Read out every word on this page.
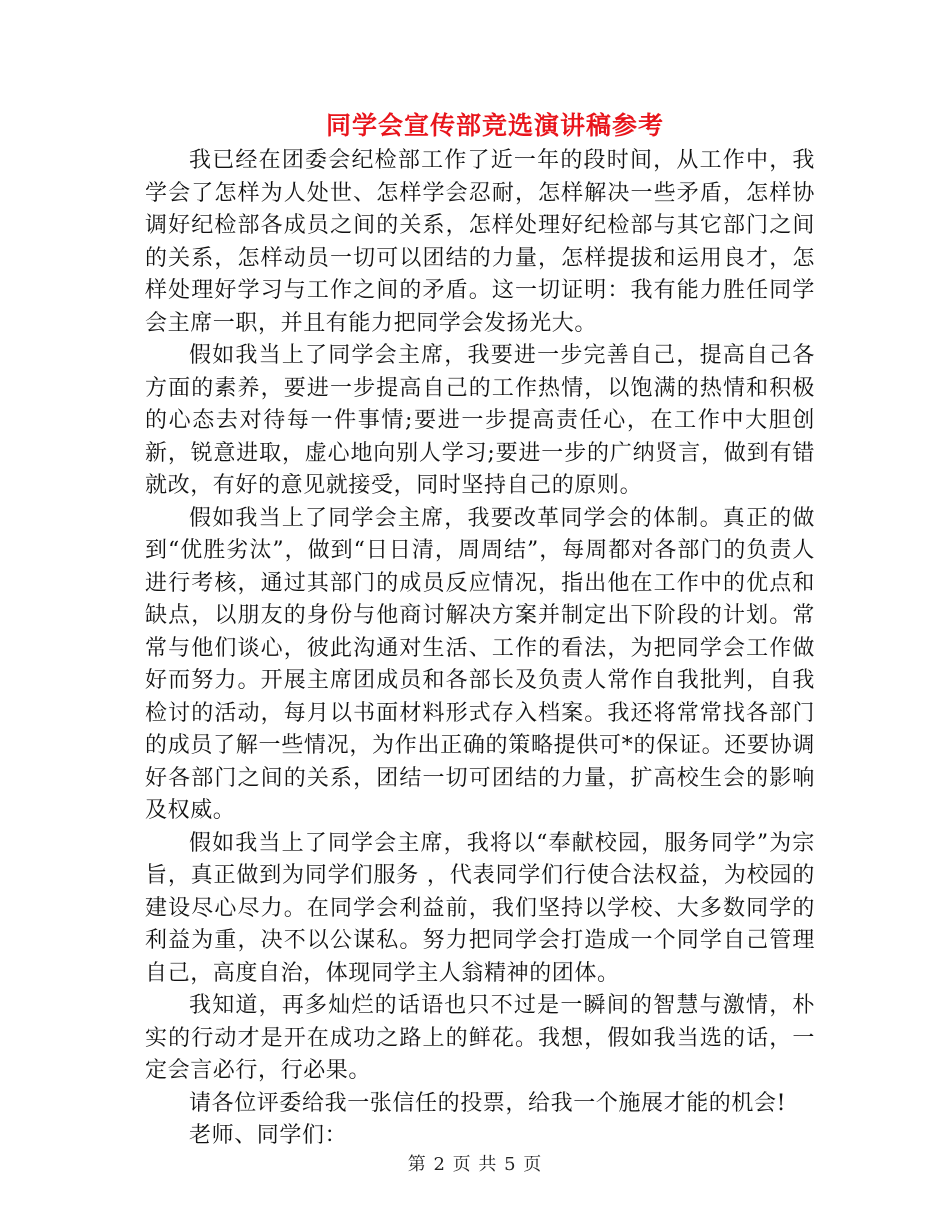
同学会宣传部竞选演讲稿参考

我已经在团委会纪检部工作了近一年的段时间，从工作中，我学会了怎样为人处世、怎样学会忍耐，怎样解决一些矛盾，怎样协调好纪检部各成员之间的关系，怎样处理好纪检部与其它部门之间的关系，怎样动员一切可以团结的力量，怎样提拔和运用良才，怎样处理好学习与工作之间的矛盾。这一切证明：我有能力胜任同学会主席一职，并且有能力把同学会发扬光大。

假如我当上了同学会主席，我要进一步完善自己，提高自己各方面的素养，要进一步提高自己的工作热情，以饱满的热情和积极的心态去对待每一件事情;要进一步提高责任心，在工作中大胆创新，锐意进取，虚心地向别人学习;要进一步的广纳贤言，做到有错就改，有好的意见就接受，同时坚持自己的原则。

假如我当上了同学会主席，我要改革同学会的体制。真正的做到“优胜劣汰”，做到“日日清，周周结”，每周都对各部门的负责人进行考核，通过其部门的成员反应情况，指出他在工作中的优点和缺点，以朋友的身份与他商讨解决方案并制定出下阶段的计划。常常与他们谈心，彼此沟通对生活、工作的看法，为把同学会工作做好而努力。开展主席团成员和各部长及负责人常作自我批判，自我检讨的活动，每月以书面材料形式存入档案。我还将常常找各部门的成员了解一些情况，为作出正确的策略提供可*的保证。还要协调好各部门之间的关系，团结一切可团结的力量，扩高校生会的影响及权威。

假如我当上了同学会主席，我将以“奉献校园，服务同学”为宗旨，真正做到为同学们服务 ，代表同学们行使合法权益，为校园的建设尽心尽力。在同学会利益前，我们坚持以学校、大多数同学的利益为重，决不以公谋私。努力把同学会打造成一个同学自己管理自己，高度自治，体现同学主人翁精神的团体。

我知道，再多灿烂的话语也只不过是一瞬间的智慧与激情，朴实的行动才是开在成功之路上的鲜花。我想，假如我当选的话，一定会言必行，行必果。

请各位评委给我一张信任的投票，给我一个施展才能的机会!

老师、同学们：

第 2 页 共 5 页
